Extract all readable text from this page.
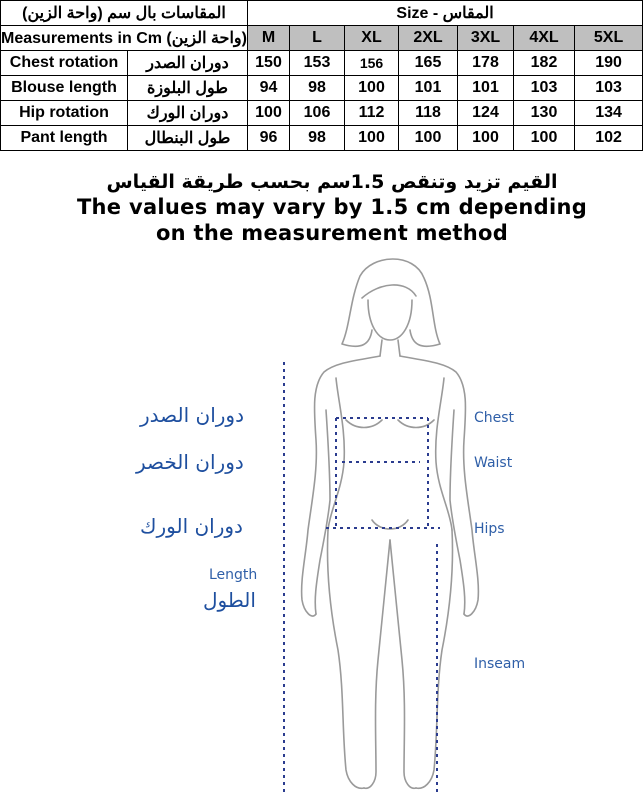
المقاسات بال سم (واحة الزين)		Size - المقاس						
Measurements in Cm (واحة الزين)		M	L	XL	2XL	3XL	4XL	5XL
Chest rotation	دوران الصدر	150	153	156	165	178	182	190
Blouse length	طول البلوزة	94	98	100	101	101	103	103
Hip rotation	دوران الورك	100	106	112	118	124	130	134
Pant length	طول البنطال	96	98	100	100	100	100	102
القيم تزيد وتنقص 1.5سم بحسب طريقة القياس
The values may vary by 1.5 cm depending
on the measurement method
دوران الصدر
دوران الخصر
دوران الورك
Length
الطول
Chest
Waist
Hips
Inseam
